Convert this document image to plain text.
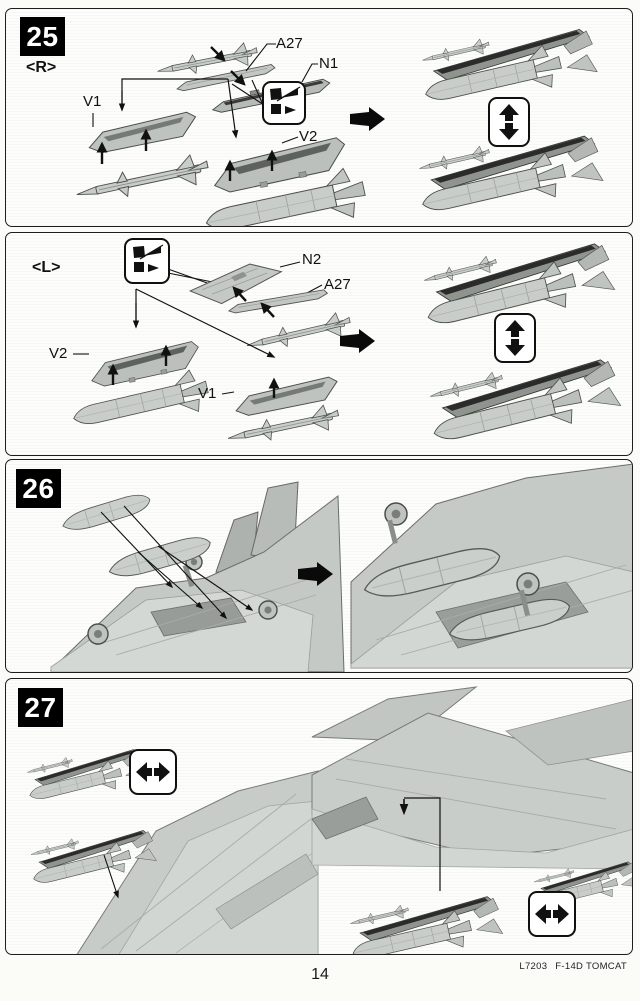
25
<R>
A27
N1
V1
V2
<L>	N2
A27
V2
V1
26
27
L7203 F-14D TOMCAT
14
